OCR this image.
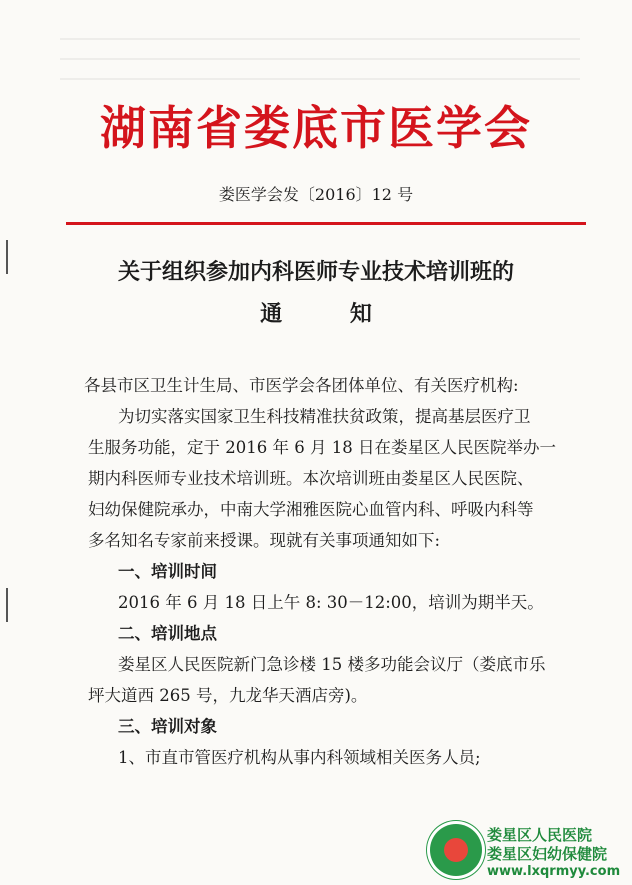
湖南省娄底市医学会
娄医学会发〔2016〕12 号
关于组织参加内科医师专业技术培训班的
通	知
各县市区卫生计生局、市医学会各团体单位、有关医疗机构:
为切实落实国家卫生科技精准扶贫政策，提高基层医疗卫
生服务功能，定于 2016 年 6 月 18 日在娄星区人民医院举办一
期内科医师专业技术培训班。本次培训班由娄星区人民医院、
妇幼保健院承办，中南大学湘雅医院心血管内科、呼吸内科等
多名知名专家前来授课。现就有关事项通知如下:
一、培训时间
2016 年 6 月 18 日上午 8: 30－12:00，培训为期半天。
二、培训地点
娄星区人民医院新门急诊楼 15 楼多功能会议厅（娄底市乐
坪大道西 265 号，九龙华天酒店旁)。
三、培训对象
1、市直市管医疗机构从事内科领域相关医务人员;
娄星区人民医院
娄星区妇幼保健院
www.lxqrmyy.com
